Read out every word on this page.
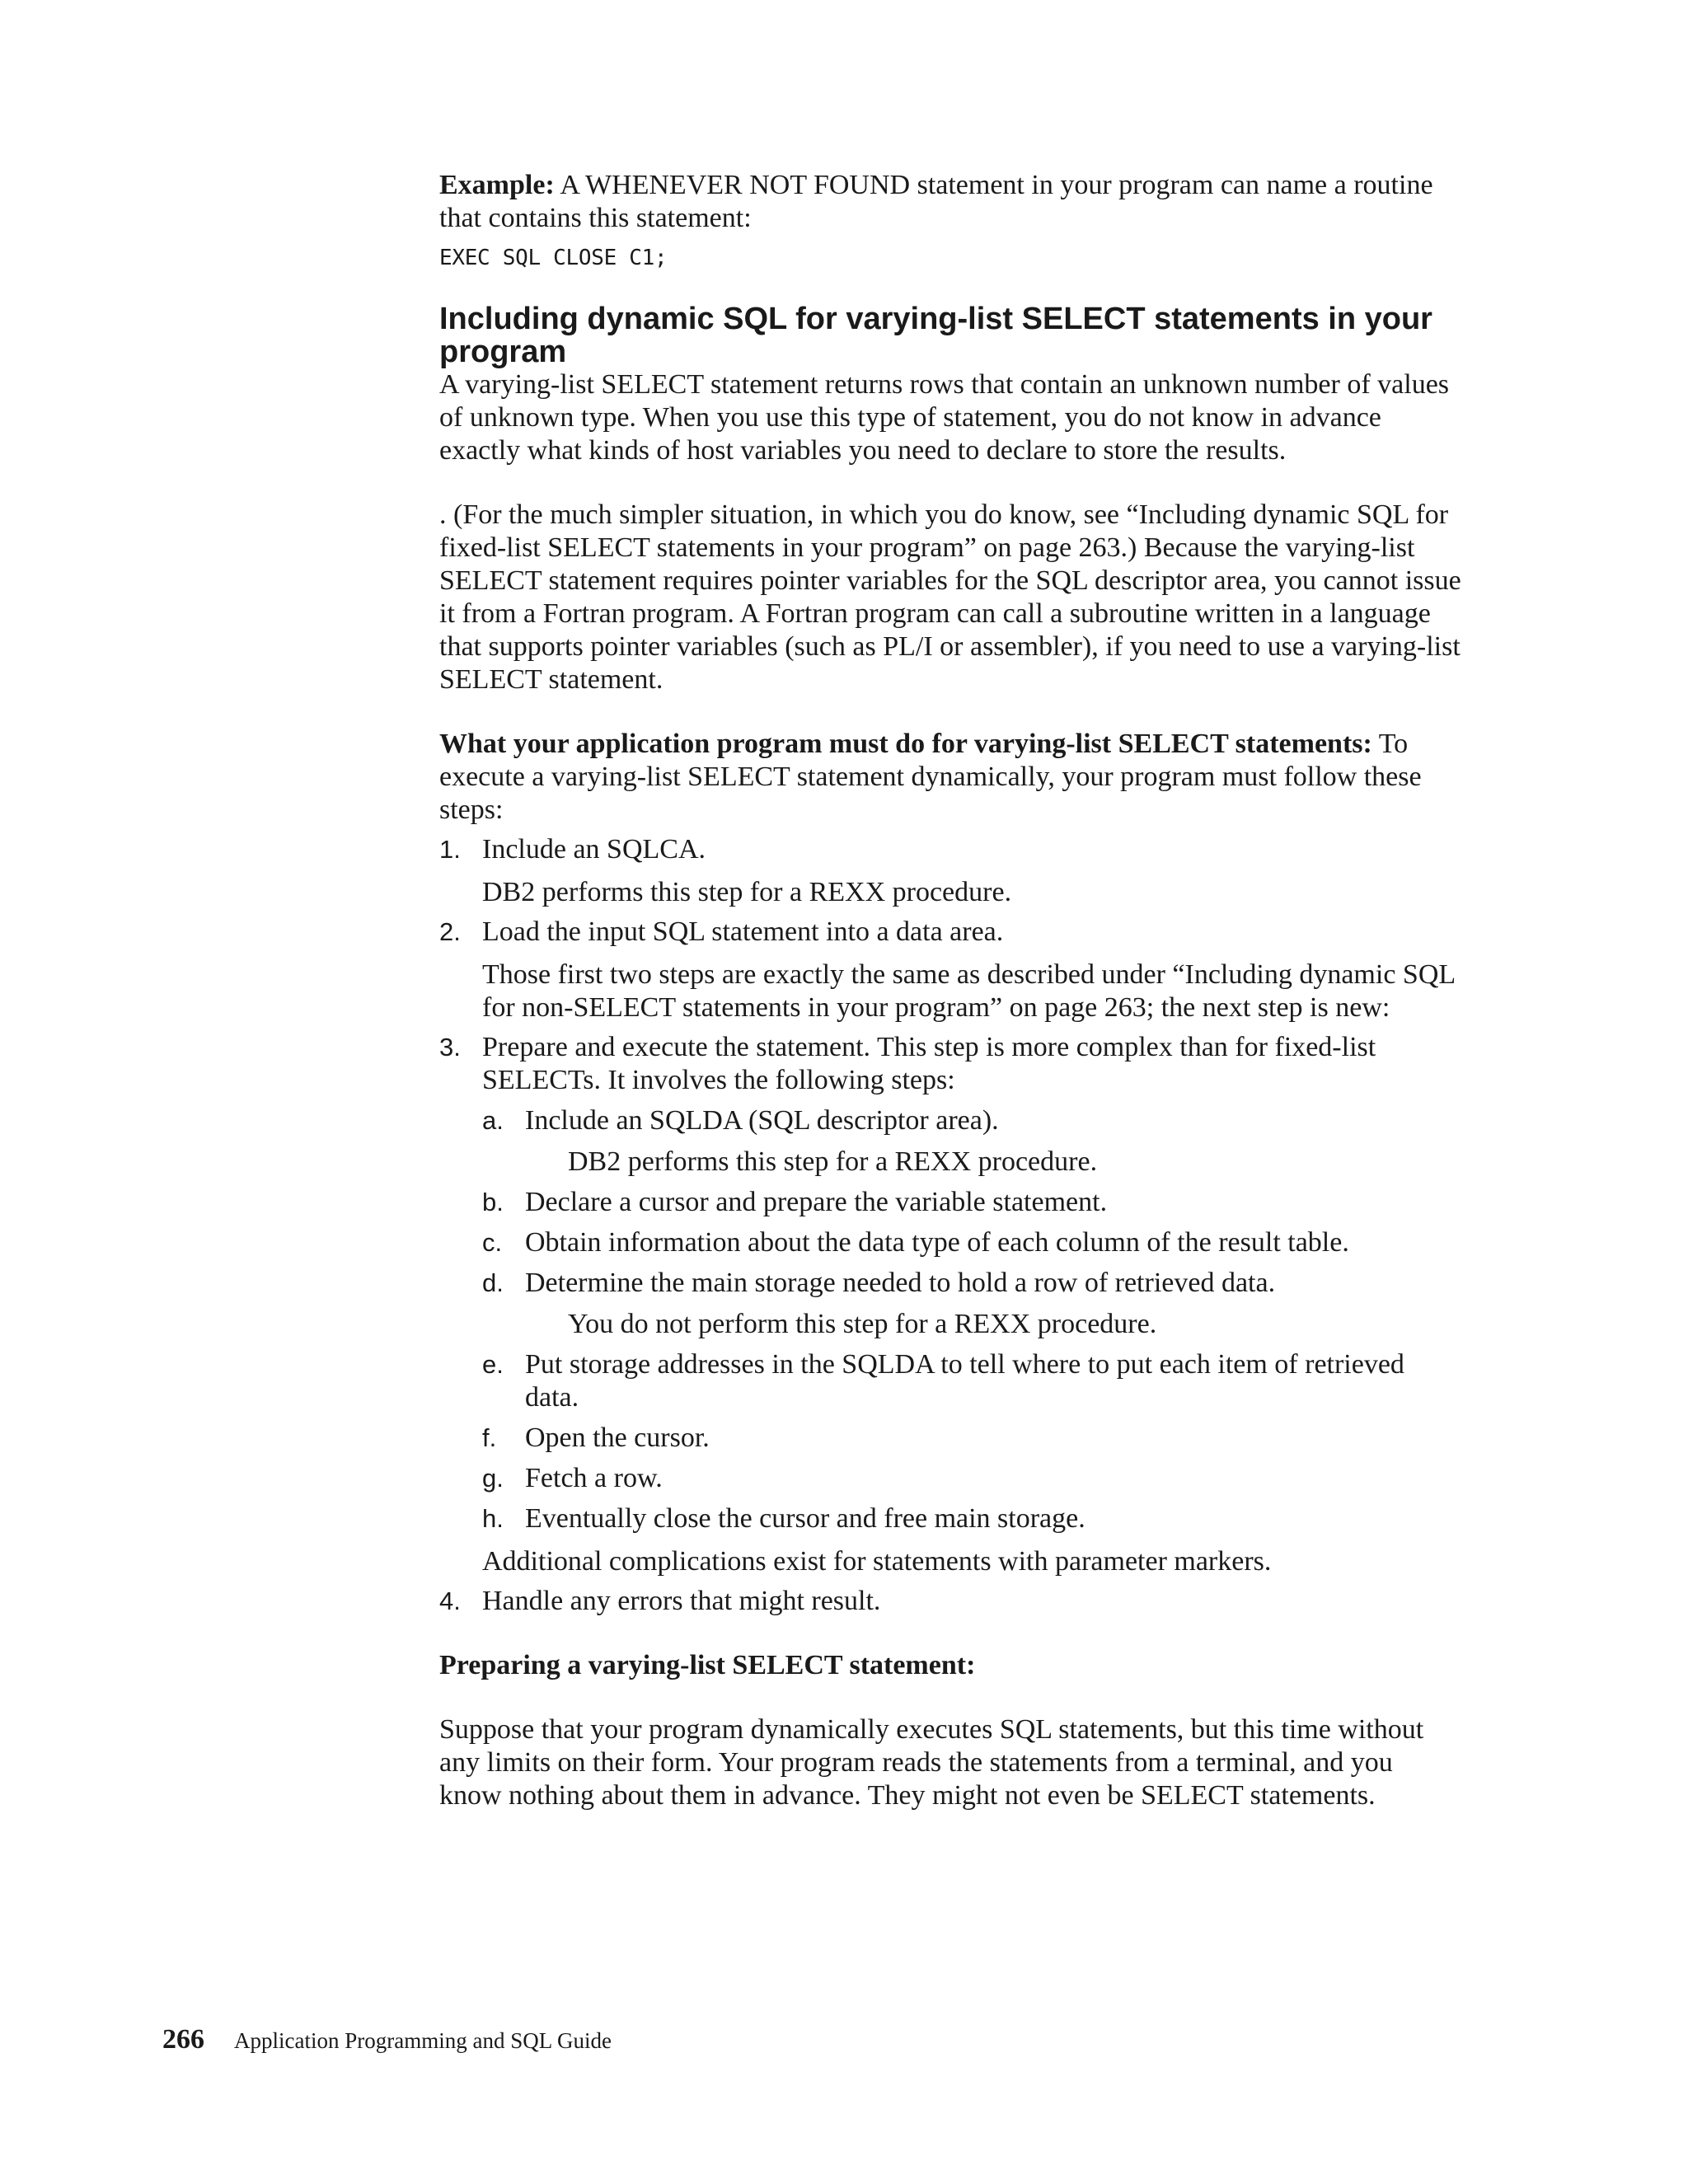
Example: A WHENEVER NOT FOUND statement in your program can name a routine that contains this statement:

EXEC SQL CLOSE C1;
Including dynamic SQL for varying-list SELECT statements in your program

A varying-list SELECT statement returns rows that contain an unknown number of values of unknown type. When you use this type of statement, you do not know in advance exactly what kinds of host variables you need to declare to store the results.

. (For the much simpler situation, in which you do know, see “Including dynamic SQL for fixed-list SELECT statements in your program” on page 263.) Because the varying-list SELECT statement requires pointer variables for the SQL descriptor area, you cannot issue it from a Fortran program. A Fortran program can call a subroutine written in a language that supports pointer variables (such as PL/I or assembler), if you need to use a varying-list SELECT statement.

What your application program must do for varying-list SELECT statements: To execute a varying-list SELECT statement dynamically, your program must follow these steps:

1. Include an SQLCA.

DB2 performs this step for a REXX procedure.

2. Load the input SQL statement into a data area.

Those first two steps are exactly the same as described under “Including dynamic SQL for non-SELECT statements in your program” on page 263; the next step is new:

3. Prepare and execute the statement. This step is more complex than for fixed-list SELECTs. It involves the following steps:

a. Include an SQLDA (SQL descriptor area).

DB2 performs this step for a REXX procedure.

b. Declare a cursor and prepare the variable statement.

c. Obtain information about the data type of each column of the result table.

d. Determine the main storage needed to hold a row of retrieved data.

You do not perform this step for a REXX procedure.

e. Put storage addresses in the SQLDA to tell where to put each item of retrieved data.

f. Open the cursor.

g. Fetch a row.

h. Eventually close the cursor and free main storage.

Additional complications exist for statements with parameter markers.

4. Handle any errors that might result.

Preparing a varying-list SELECT statement:

Suppose that your program dynamically executes SQL statements, but this time without any limits on their form. Your program reads the statements from a terminal, and you know nothing about them in advance. They might not even be SELECT statements.

266 Application Programming and SQL Guide
